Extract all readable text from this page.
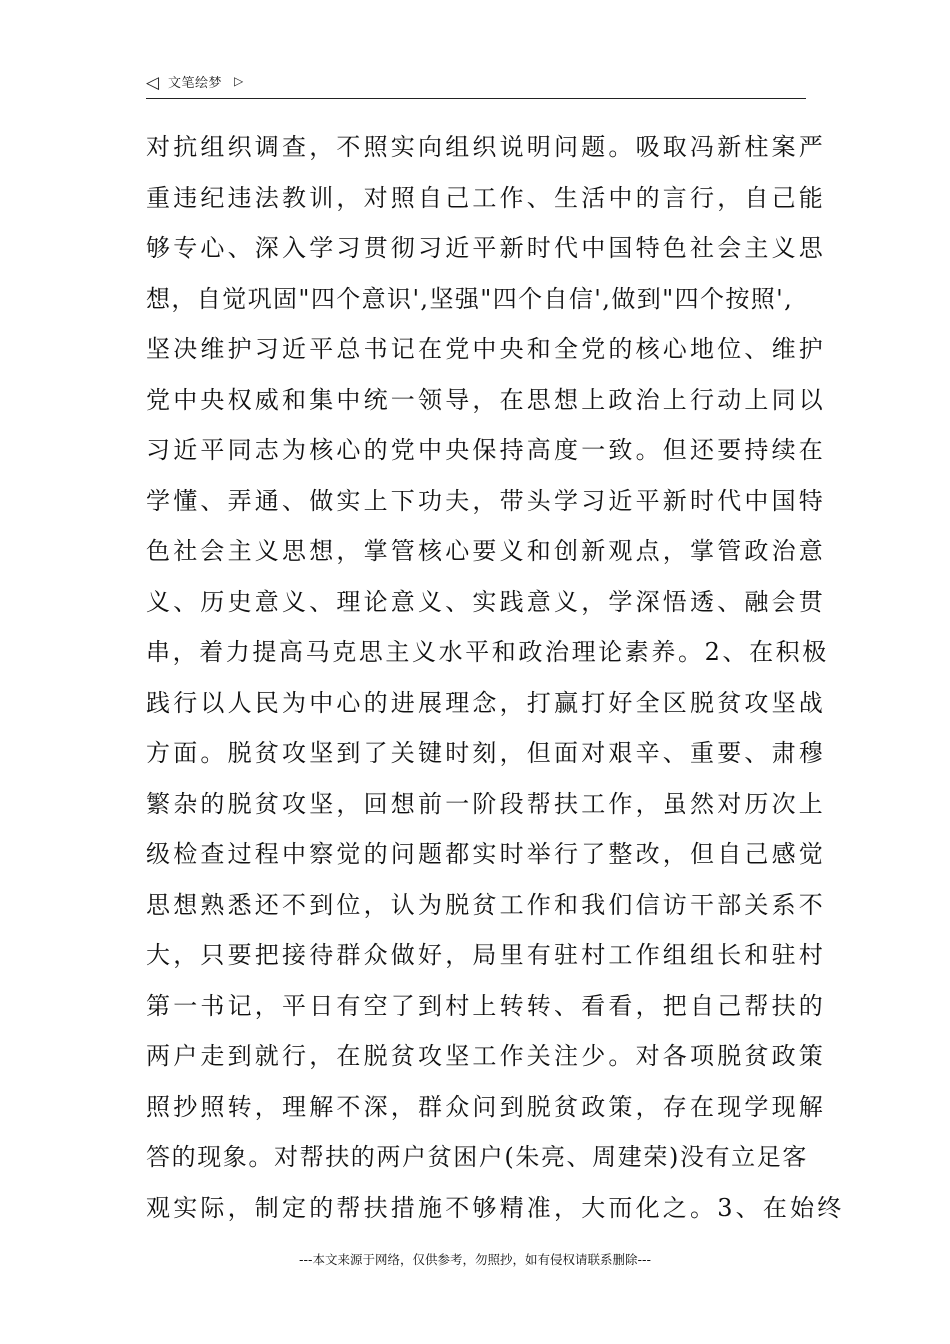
◁ 文笔绘梦 ▷
对抗组织调查，不照实向组织说明问题。吸取冯新柱案严
重违纪违法教训，对照自己工作、生活中的言行，自己能
够专心、深入学习贯彻习近平新时代中国特色社会主义思
想，自觉巩固"四个意识',坚强"四个自信',做到"四个按照',
坚决维护习近平总书记在党中央和全党的核心地位、维护
党中央权威和集中统一领导，在思想上政治上行动上同以
习近平同志为核心的党中央保持高度一致。但还要持续在
学懂、弄通、做实上下功夫，带头学习近平新时代中国特
色社会主义思想，掌管核心要义和创新观点，掌管政治意
义、历史意义、理论意义、实践意义，学深悟透、融会贯
串，着力提高马克思主义水平和政治理论素养。2、在积极
践行以人民为中心的进展理念，打赢打好全区脱贫攻坚战
方面。脱贫攻坚到了关键时刻，但面对艰辛、重要、肃穆
繁杂的脱贫攻坚，回想前一阶段帮扶工作，虽然对历次上
级检查过程中察觉的问题都实时举行了整改，但自己感觉
思想熟悉还不到位，认为脱贫工作和我们信访干部关系不
大，只要把接待群众做好，局里有驻村工作组组长和驻村
第一书记，平日有空了到村上转转、看看，把自己帮扶的
两户走到就行，在脱贫攻坚工作关注少。对各项脱贫政策
照抄照转，理解不深，群众问到脱贫政策，存在现学现解
答的现象。对帮扶的两户贫困户(朱亮、周建荣)没有立足客
观实际，制定的帮扶措施不够精准，大而化之。3、在始终
---本文来源于网络，仅供参考，勿照抄，如有侵权请联系删除---
